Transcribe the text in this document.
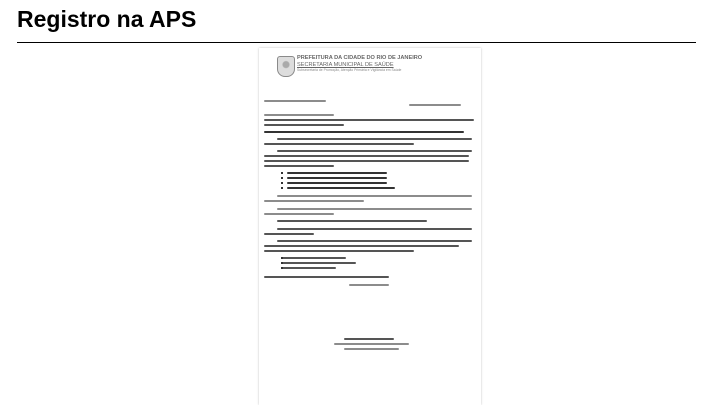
Registro na APS
PREFEITURA DA CIDADE DO RIO DE JANEIRO
SECRETARIA MUNICIPAL DE SAÚDE
Subsecretaria de Promoção, Atenção Primária e Vigilância em Saúde
